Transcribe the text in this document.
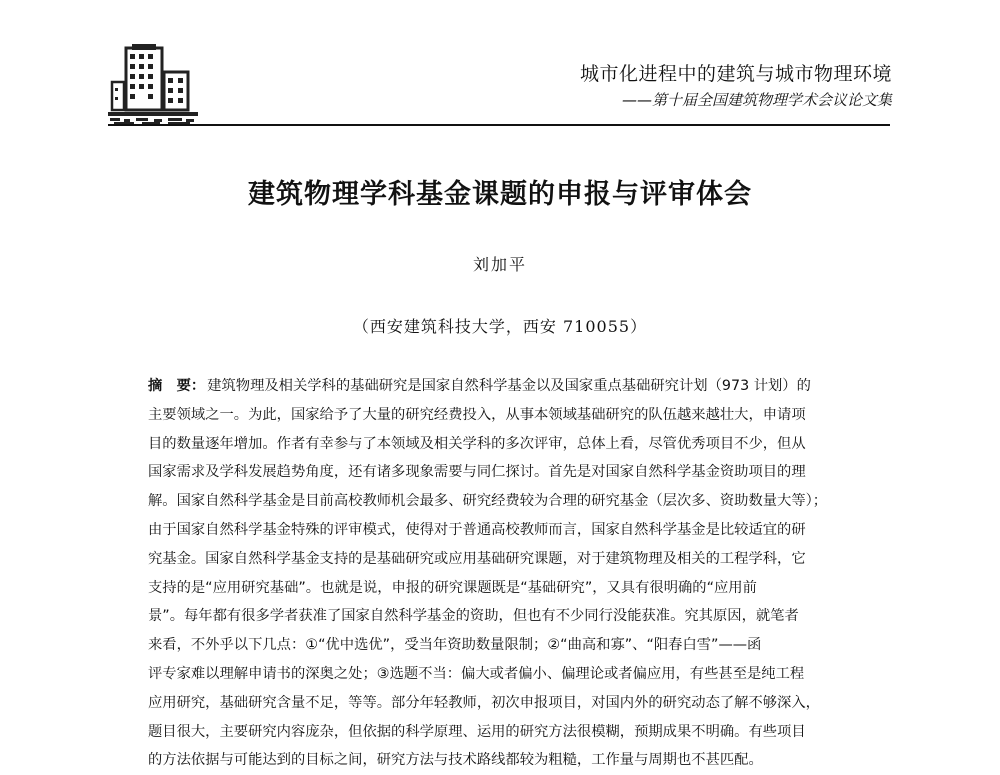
城市化进程中的建筑与城市物理环境
——第十届全国建筑物理学术会议论文集
建筑物理学科基金课题的申报与评审体会
刘加平
（西安建筑科技大学，西安 710055）
摘　要： 建筑物理及相关学科的基础研究是国家自然科学基金以及国家重点基础研究计划（973 计划）的
主要领域之一。为此，国家给予了大量的研究经费投入，从事本领域基础研究的队伍越来越壮大，申请项
目的数量逐年增加。作者有幸参与了本领域及相关学科的多次评审，总体上看，尽管优秀项目不少，但从
国家需求及学科发展趋势角度，还有诸多现象需要与同仁探讨。首先是对国家自然科学基金资助项目的理
解。国家自然科学基金是目前高校教师机会最多、研究经费较为合理的研究基金（层次多、资助数量大等）；
由于国家自然科学基金特殊的评审模式，使得对于普通高校教师而言，国家自然科学基金是比较适宜的研
究基金。国家自然科学基金支持的是基础研究或应用基础研究课题，对于建筑物理及相关的工程学科，它
支持的是“应用研究基础”。也就是说，申报的研究课题既是“基础研究”，又具有很明确的“应用前
景”。每年都有很多学者获准了国家自然科学基金的资助，但也有不少同行没能获准。究其原因，就笔者
来看，不外乎以下几点：①“优中选优”，受当年资助数量限制；②“曲高和寡”、“阳春白雪”——函
评专家难以理解申请书的深奥之处；③选题不当：偏大或者偏小、偏理论或者偏应用，有些甚至是纯工程
应用研究，基础研究含量不足，等等。部分年轻教师，初次申报项目，对国内外的研究动态了解不够深入，
题目很大，主要研究内容庞杂，但依据的科学原理、运用的研究方法很模糊，预期成果不明确。有些项目
的方法依据与可能达到的目标之间，研究方法与技术路线都较为粗糙，工作量与周期也不甚匹配。
